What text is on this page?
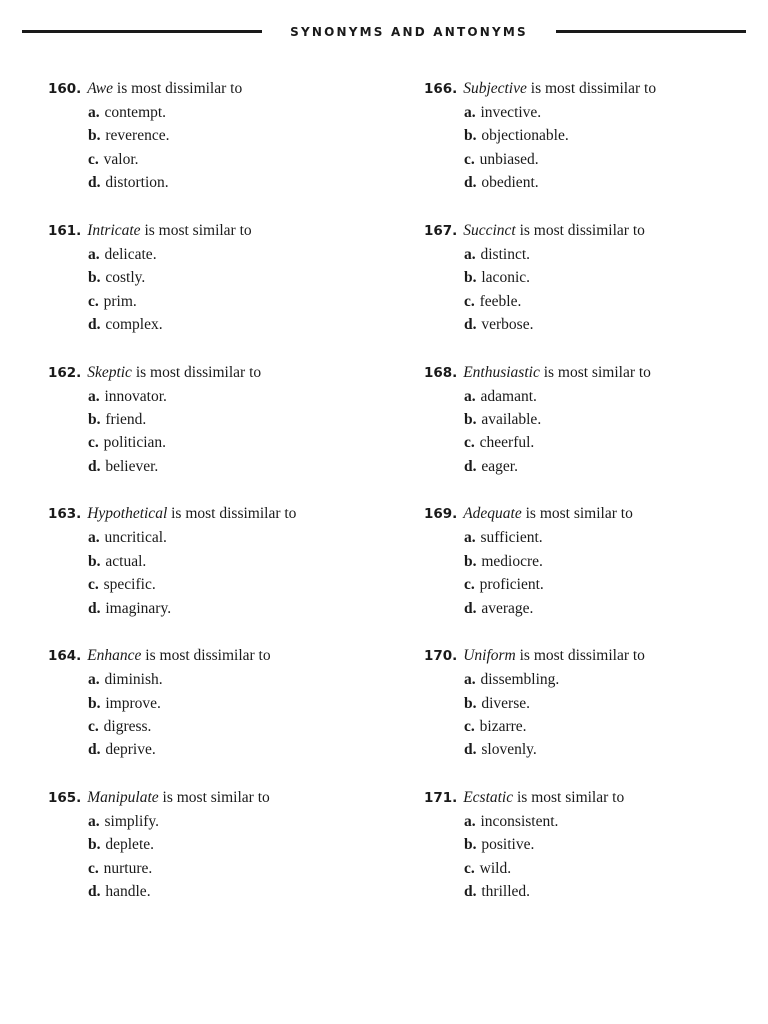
SYNONYMS AND ANTONYMS
160. Awe is most dissimilar to
a. contempt.
b. reverence.
c. valor.
d. distortion.
161. Intricate is most similar to
a. delicate.
b. costly.
c. prim.
d. complex.
162. Skeptic is most dissimilar to
a. innovator.
b. friend.
c. politician.
d. believer.
163. Hypothetical is most dissimilar to
a. uncritical.
b. actual.
c. specific.
d. imaginary.
164. Enhance is most dissimilar to
a. diminish.
b. improve.
c. digress.
d. deprive.
165. Manipulate is most similar to
a. simplify.
b. deplete.
c. nurture.
d. handle.
166. Subjective is most dissimilar to
a. invective.
b. objectionable.
c. unbiased.
d. obedient.
167. Succinct is most dissimilar to
a. distinct.
b. laconic.
c. feeble.
d. verbose.
168. Enthusiastic is most similar to
a. adamant.
b. available.
c. cheerful.
d. eager.
169. Adequate is most similar to
a. sufficient.
b. mediocre.
c. proficient.
d. average.
170. Uniform is most dissimilar to
a. dissembling.
b. diverse.
c. bizarre.
d. slovenly.
171. Ecstatic is most similar to
a. inconsistent.
b. positive.
c. wild.
d. thrilled.
